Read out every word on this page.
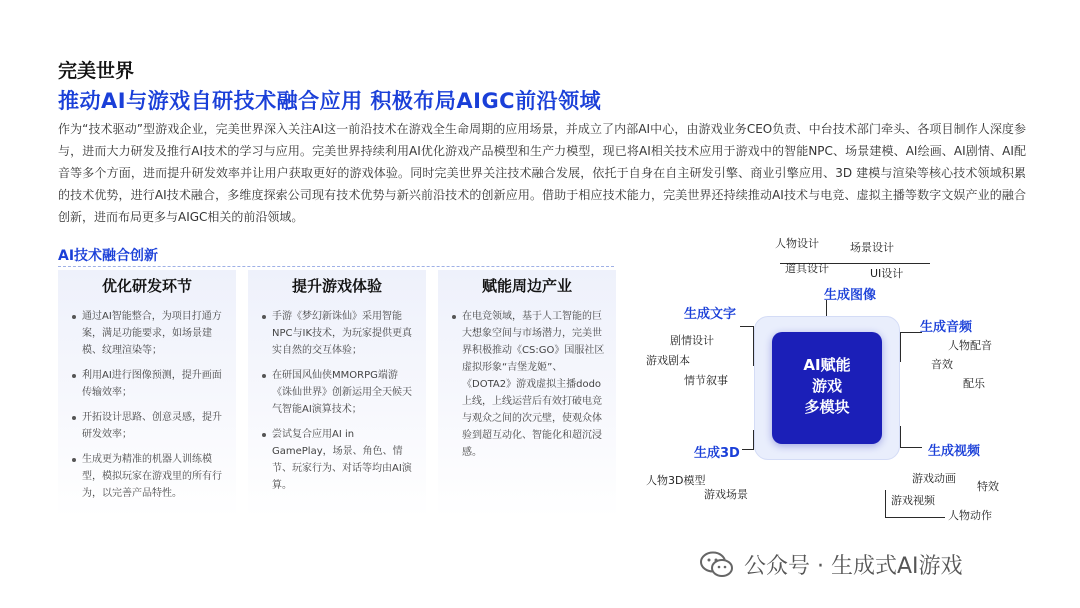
完美世界
推动AI与游戏自研技术融合应用 积极布局AIGC前沿领域

作为“技术驱动”型游戏企业，完美世界深入关注AI这一前沿技术在游戏全生命周期的应用场景，并成立了内部AI中心，由游戏业务CEO负责、中台技术部门牵头、各项目制作人深度参与，进而大力研发及推行AI技术的学习与应用。完美世界持续利用AI优化游戏产品模型和生产力模型，现已将AI相关技术应用于游戏中的智能NPC、场景建模、AI绘画、AI剧情、AI配音等多个方面，进而提升研发效率并让用户获取更好的游戏体验。同时完美世界关注技术融合发展，依托于自身在自主研发引擎、商业引擎应用、3D 建模与渲染等核心技术领域积累的技术优势，进行AI技术融合，多维度探索公司现有技术优势与新兴前沿技术的创新应用。借助于相应技术能力，完美世界还持续推动AI技术与电竞、虚拟主播等数字文娱产业的融合创新，进而布局更多与AIGC相关的前沿领域。

AI技术融合创新
优化研发环节
通过AI智能整合，为项目打通方案，满足功能要求，如场景建模、纹理渲染等；
利用AI进行图像预测，提升画面传输效率；
开拓设计思路、创意灵感，提升研发效率；
生成更为精准的机器人训练模型，模拟玩家在游戏里的所有行为，以完善产品特性。
提升游戏体验
手游《梦幻新诛仙》采用智能NPC与IK技术，为玩家提供更真实自然的交互体验；
在研国风仙侠MMORPG端游《诛仙世界》创新运用全天候天气智能AI演算技术；
尝试复合应用AI in GamePlay，场景、角色、情节、玩家行为、对话等均由AI演算。
赋能周边产业
在电竞领域，基于人工智能的巨大想象空间与市场潜力，完美世界积极推动《CS:GO》国服社区虚拟形象“吉堡龙姬”、《DOTA2》游戏虚拟主播dodo上线，上线运营后有效打破电竞与观众之间的次元壁，使观众体验到超互动化、智能化和超沉浸感。
AI赋能
游戏
多模块
生成图像
人物设计	场景设计
道具设计	UI设计
生成文字
剧情设计
游戏剧本
情节叙事
生成音频
人物配音
音效
配乐
生成3D
人物3D模型
游戏场景
生成视频
游戏动画
特效
游戏视频
人物动作
公众号 · 生成式AI游戏
